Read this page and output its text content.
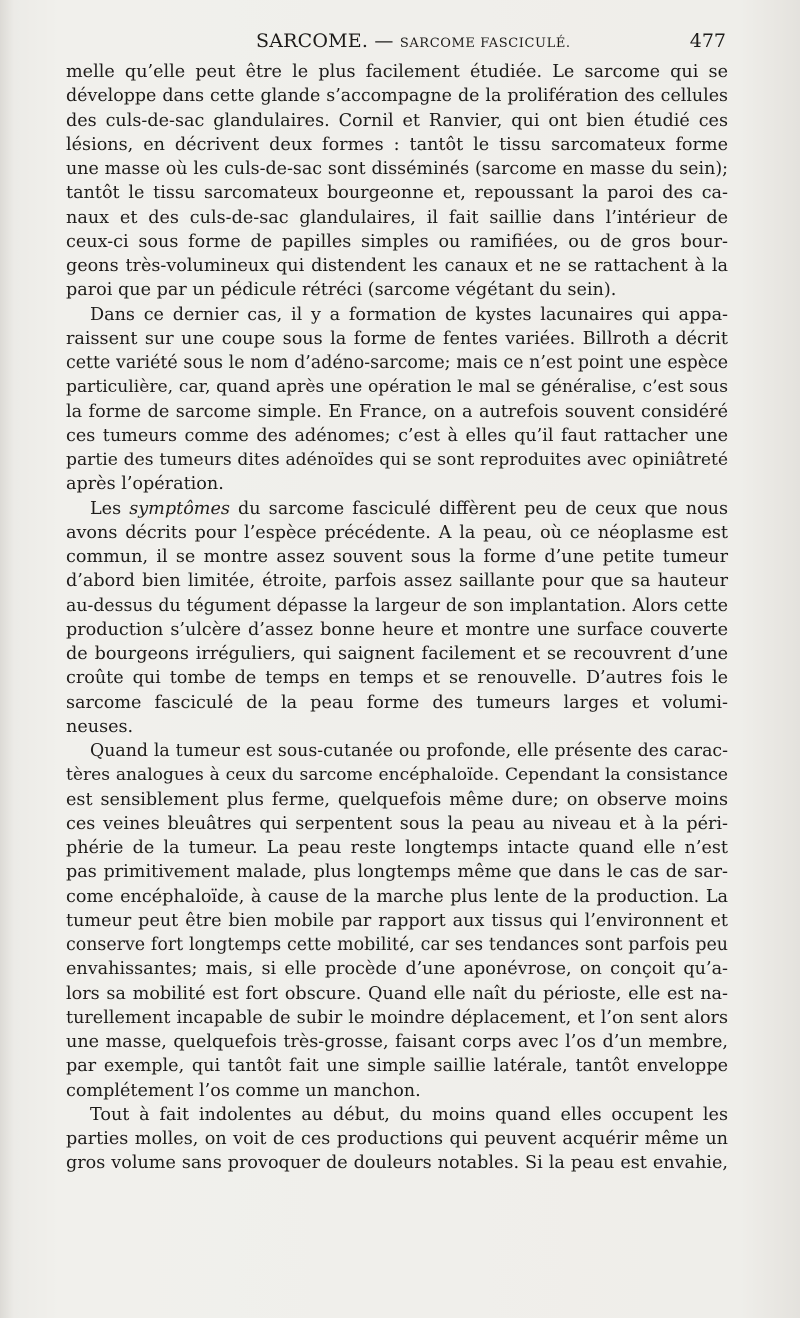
SARCOME. — SARCOME FASCICULÉ.	477
melle qu’elle peut être le plus facilement étudiée. Le sarcome qui se
développe dans cette glande s’accompagne de la prolifération des cellules
des culs-de-sac glandulaires. Cornil et Ranvier, qui ont bien étudié ces
lésions, en décrivent deux formes : tantôt le tissu sarcomateux forme
une masse où les culs-de-sac sont disséminés (sarcome en masse du sein);
tantôt le tissu sarcomateux bourgeonne et, repoussant la paroi des ca-
naux et des culs-de-sac glandulaires, il fait saillie dans l’intérieur de
ceux-ci sous forme de papilles simples ou ramifiées, ou de gros bour-
geons très-volumineux qui distendent les canaux et ne se rattachent à la
paroi que par un pédicule rétréci (sarcome végétant du sein).
Dans ce dernier cas, il y a formation de kystes lacunaires qui appa-
raissent sur une coupe sous la forme de fentes variées. Billroth a décrit
cette variété sous le nom d’adéno-sarcome; mais ce n’est point une espèce
particulière, car, quand après une opération le mal se généralise, c’est sous
la forme de sarcome simple. En France, on a autrefois souvent considéré
ces tumeurs comme des adénomes; c’est à elles qu’il faut rattacher une
partie des tumeurs dites adénoïdes qui se sont reproduites avec opiniâtreté
après l’opération.
Les symptômes du sarcome fasciculé diffèrent peu de ceux que nous
avons décrits pour l’espèce précédente. A la peau, où ce néoplasme est
commun, il se montre assez souvent sous la forme d’une petite tumeur
d’abord bien limitée, étroite, parfois assez saillante pour que sa hauteur
au-dessus du tégument dépasse la largeur de son implantation. Alors cette
production s’ulcère d’assez bonne heure et montre une surface couverte
de bourgeons irréguliers, qui saignent facilement et se recouvrent d’une
croûte qui tombe de temps en temps et se renouvelle. D’autres fois le
sarcome fasciculé de la peau forme des tumeurs larges et volumi-
neuses.
Quand la tumeur est sous-cutanée ou profonde, elle présente des carac-
tères analogues à ceux du sarcome encéphaloïde. Cependant la consistance
est sensiblement plus ferme, quelquefois même dure; on observe moins
ces veines bleuâtres qui serpentent sous la peau au niveau et à la péri-
phérie de la tumeur. La peau reste longtemps intacte quand elle n’est
pas primitivement malade, plus longtemps même que dans le cas de sar-
come encéphaloïde, à cause de la marche plus lente de la production. La
tumeur peut être bien mobile par rapport aux tissus qui l’environnent et
conserve fort longtemps cette mobilité, car ses tendances sont parfois peu
envahissantes; mais, si elle procède d’une aponévrose, on conçoit qu’a-
lors sa mobilité est fort obscure. Quand elle naît du périoste, elle est na-
turellement incapable de subir le moindre déplacement, et l’on sent alors
une masse, quelquefois très-grosse, faisant corps avec l’os d’un membre,
par exemple, qui tantôt fait une simple saillie latérale, tantôt enveloppe
complétement l’os comme un manchon.
Tout à fait indolentes au début, du moins quand elles occupent les
parties molles, on voit de ces productions qui peuvent acquérir même un
gros volume sans provoquer de douleurs notables. Si la peau est envahie,
